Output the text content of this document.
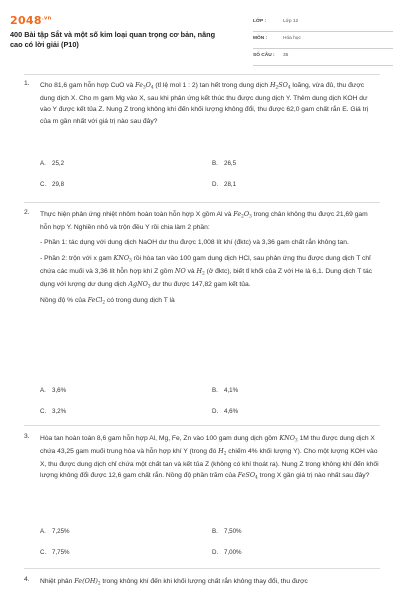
$2048^{.vn}$
400 Bài tập Sắt và một số kim loại quan trọng cơ bản, nâng cao có lời giải (P10)
LỚP :	Lớp 12
MÔN :	Hóa học
SỐ CÂU : 35
1. Cho 81,6 gam hỗn hợp CuO và $Fe_3O_4$ (tỉ lệ mol 1 : 2) tan hết trong dung dịch $H_2SO_4$ loãng, vừa đủ, thu được dung dịch X. Cho m gam Mg vào X, sau khi phản ứng kết thúc thu được dung dịch Y. Thêm dung dịch KOH dư vào Y được kết tủa Z. Nung Z trong không khí đến khối lượng không đổi, thu được 62,0 gam chất rắn E. Giá trị của m gần nhất với giá trị nào sau đây?

A. 25,2	B. 26,5
C. 29,8	D. 28,1
2. Thực hiện phản ứng nhiệt nhôm hoàn toàn hỗn hợp X gồm Al và $Fe_2O_3$ trong chân không thu được 21,69 gam hỗn hợp Y. Nghiền nhỏ và trộn đều Y rồi chia làm 2 phần:

- Phần 1: tác dụng với dung dịch NaOH dư thu được 1,008 lít khí (đktc) và 3,36 gam chất rắn không tan.

- Phần 2: trộn với x gam $KNO_3$ rồi hòa tan vào 100 gam dung dịch HCl, sau phản ứng thu được dung dịch T chỉ chứa các muối và 3,36 lít hỗn hợp khí Z gồm NO và $H_2$ (ở đktc), biết tỉ khối của Z với He là 6,1. Dung dịch T tác dụng với lượng dư dung dịch AgNO$_3$ dư thu được 147,82 gam kết tủa.

Nồng độ % của FeCl$_2$ có trong dung dịch T là

A. 3,6%	B. 4,1%
C. 3,2%	D. 4,6%
3. Hòa tan hoàn toàn 8,6 gam hỗn hợp Al, Mg, Fe, Zn vào 100 gam dung dịch gồm $KNO_3$ 1M thu được dung dịch X chứa 43,25 gam muối trung hòa và hỗn hợp khí Y (trong đó $H_2$ chiếm 4% khối lượng Y). Cho một lượng KOH vào X, thu được dung dịch chỉ chứa một chất tan và kết tủa Z (không có khí thoát ra). Nung Z trong không khí đến khối lượng không đổi được 12,6 gam chất rắn. Nồng độ phần trăm của FeSO$_4$ trong X gần giá trị nào nhất sau đây?

A. 7,25%	B. 7,50%
C. 7,75%	D. 7,00%
4. Nhiệt phân $Fe(OH)_2$ trong không khí đến khi khối lượng chất rắn không thay đổi, thu được
